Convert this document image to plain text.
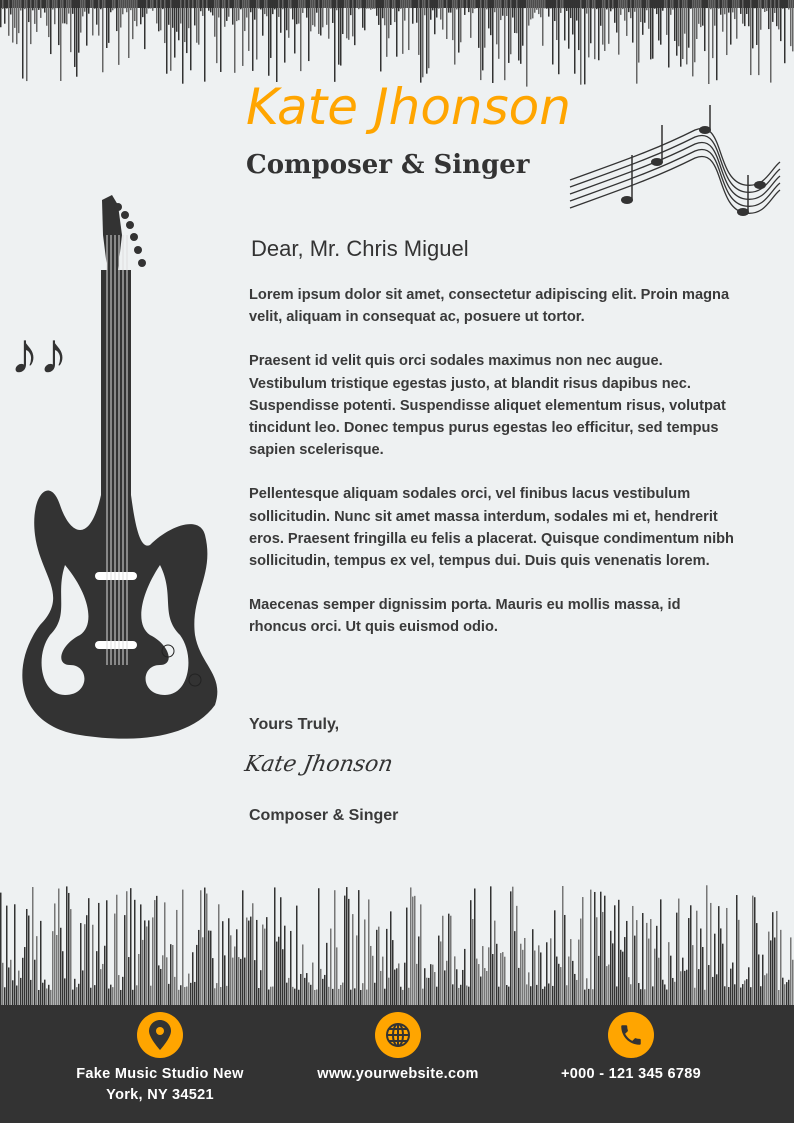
Kate Jhonson
Composer & Singer
♪♪
Dear, Mr. Chris Miguel

Lorem ipsum dolor sit amet, consectetur adipiscing elit. Proin magna velit, aliquam in consequat ac, posuere ut tortor.

Praesent id velit quis orci sodales maximus non nec augue. Vestibulum tristique egestas justo, at blandit risus dapibus nec. Suspendisse potenti. Suspendisse aliquet elementum risus, volutpat tincidunt leo. Donec tempus purus egestas leo efficitur, sed tempus sapien scelerisque.

Pellentesque aliquam sodales orci, vel finibus lacus vestibulum sollicitudin. Nunc sit amet massa interdum, sodales mi et, hendrerit eros. Praesent fringilla eu felis a placerat. Quisque condimentum nibh sollicitudin, tempus ex vel, tempus dui. Duis quis venenatis lorem.

Maecenas semper dignissim porta. Mauris eu mollis massa, id rhoncus orci. Ut quis euismod odio.

Yours Truly,
Kate Jhonson
Composer & Singer
Fake Music Studio New York, NY 34521
www.yourwebsite.com	+000 - 121 345 6789
